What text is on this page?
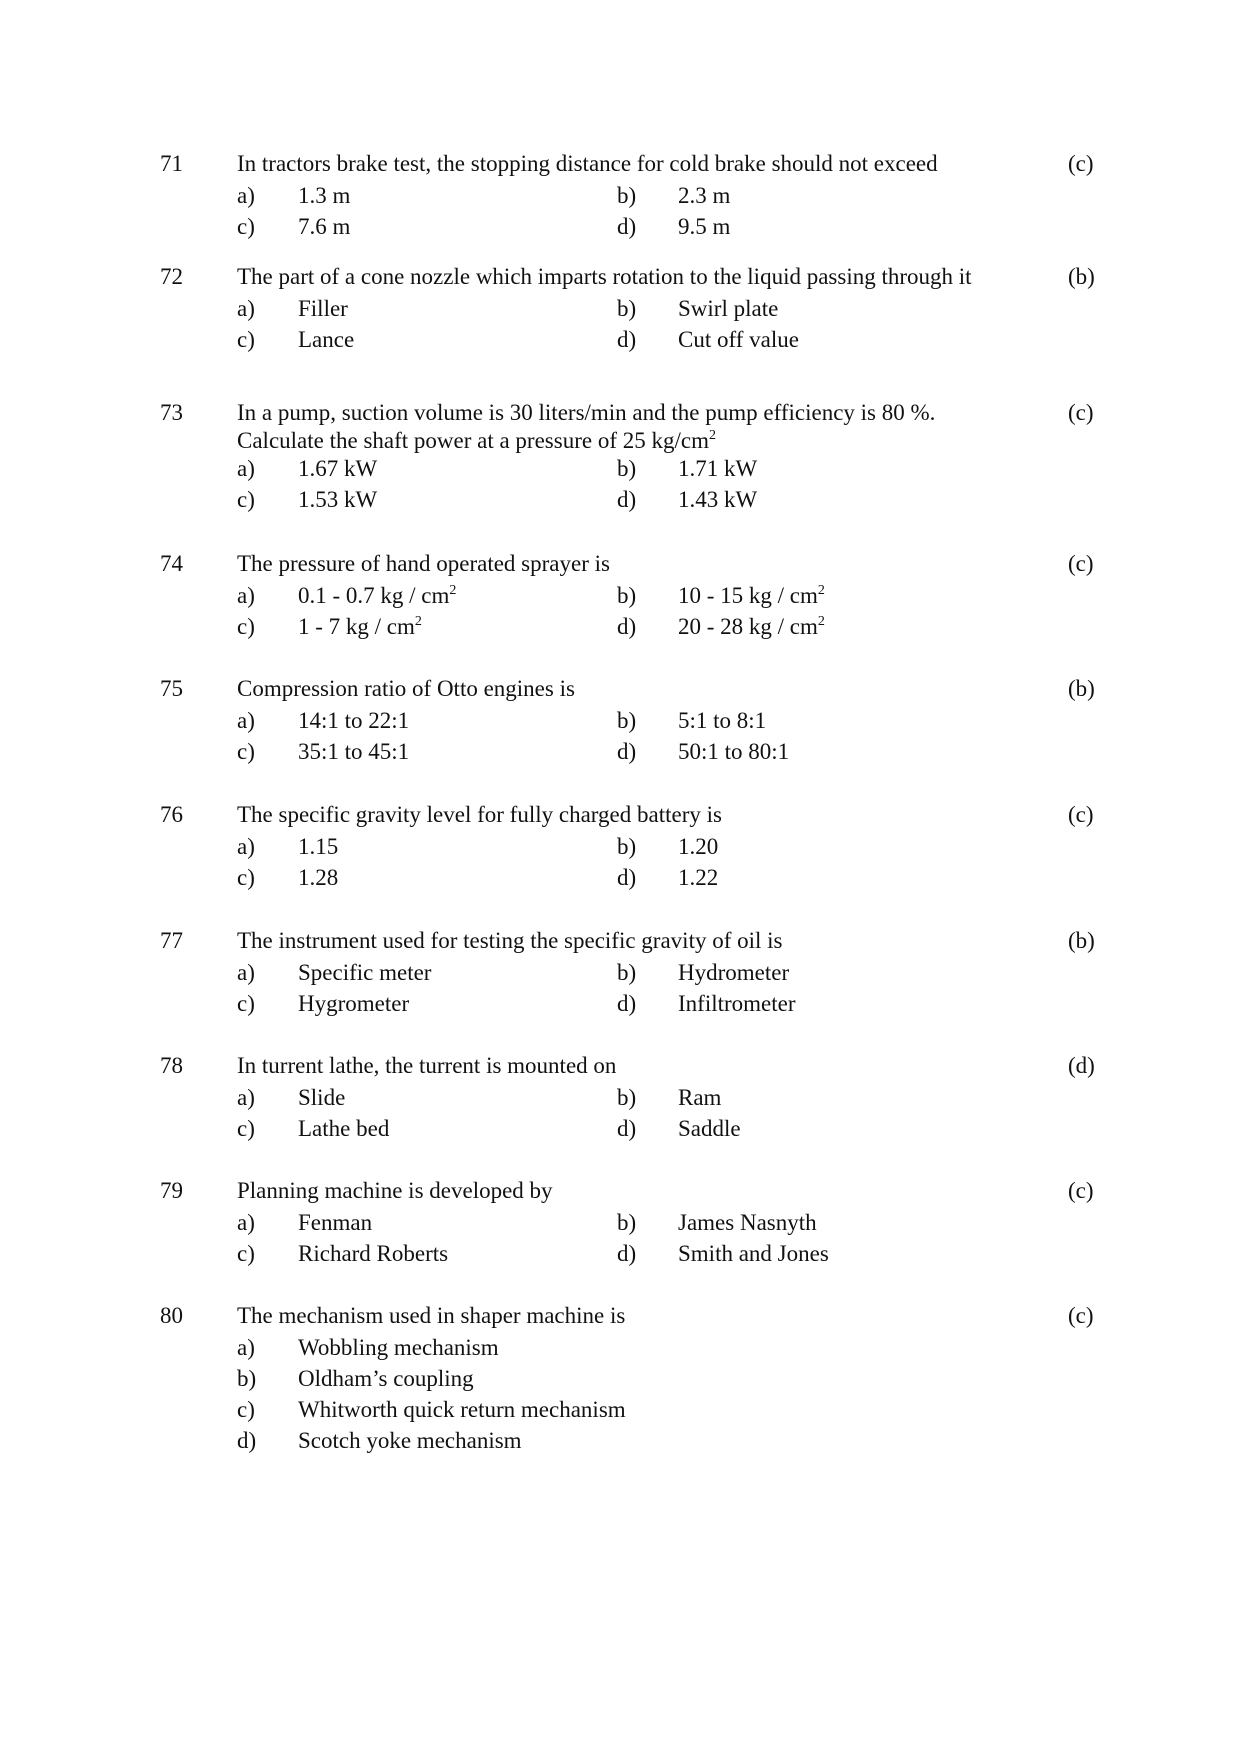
71 In tractors brake test, the stopping distance for cold brake should not exceed	(c)
a) 1.3 m	b) 2.3 m
c) 7.6 m	d) 9.5 m
72 The part of a cone nozzle which imparts rotation to the liquid passing through it	(b)
a) Filler	b) Swirl plate
c) Lance	d) Cut off value
73 In a pump, suction volume is 30 liters/min and the pump efficiency is 80 %.	(c)
Calculate the shaft power at a pressure of 25 $kg/cm^2$
a) 1.67 kW	b) 1.71 kW
c) 1.53 kW	d) 1.43 kW
74 The pressure of hand operated sprayer is	(c)
a) 0.1 - 0.7 kg / $cm^2$	b) 10 - 15 kg / $cm^2$
c) 1 - 7 kg / $cm^2$	d) 20 - 28 kg / $cm^2$
75 Compression ratio of Otto engines is	(b)
a) 14:1 to 22:1	b) 5:1 to 8:1
c) 35:1 to 45:1	d) 50:1 to 80:1
76 The specific gravity level for fully charged battery is	(c)
a) 1.15	b) 1.20
c) 1.28	d) 1.22
77 The instrument used for testing the specific gravity of oil is	(b)
a) Specific meter	b) Hydrometer
c) Hygrometer	d) Infiltrometer
78 In turrent lathe, the turrent is mounted on	(d)
a) Slide	b) Ram
c) Lathe bed	d) Saddle
79 Planning machine is developed by	(c)
a) Fenman	b) James Nasnyth
c) Richard Roberts	d) Smith and Jones
80 The mechanism used in shaper machine is	(c)
a) Wobbling mechanism
b) Oldham’s coupling
c) Whitworth quick return mechanism
d) Scotch yoke mechanism
